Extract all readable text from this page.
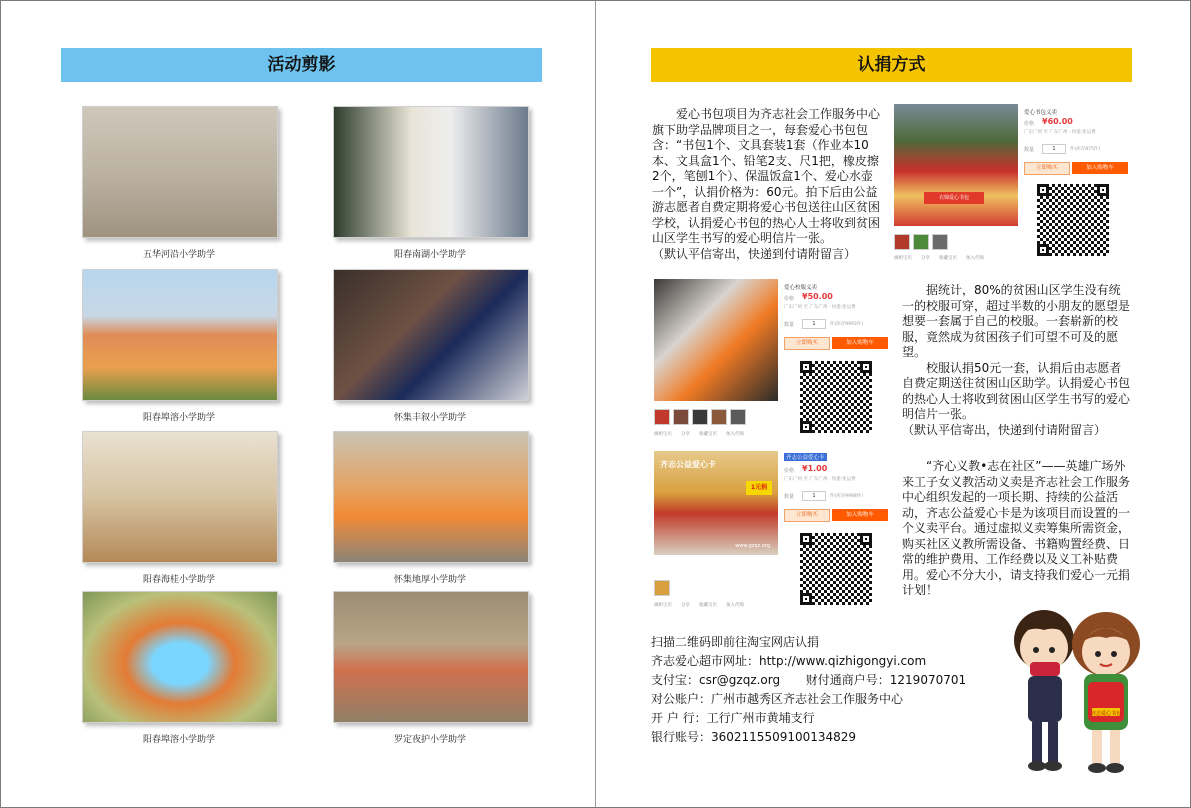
活动剪影
五华河沿小学助学	阳春南湖小学助学
阳春埠溶小学助学	怀集丰叙小学助学
阳春海桂小学助学	怀集地厚小学助学
阳春埠溶小学助学	罗定夜护小学助学
认捐方式
爱心书包项目为齐志社会工作服务中心旗下助学品牌项目之一，每套爱心书包包含：“书包1个、文具套装1套（作业本10本、文具盒1个、铅笔2支、尺1把，橡皮擦2个，笔刨1个）、保温饭盒1个、爱心水壶一个”，认捐价格为：60元。拍下后由公益游志愿者自费定期将爱心书包送往山区贫困学校，认捐爱心书包的热心人士将收到贫困山区学生书写的爱心明信片一张。
（默认平信寄出，快递到付请附留言）
衣锦爱心书包
爱心书包义卖
价格 ¥60.00
广东广州 至 广东广州 · 快递:免运费
数量	1	件(库存875件)
立即购买	加入购物车
旗帜宝贝 分享 收藏宝贝 加入代购
爱心校服义卖
价格 ¥50.00
广东广州 至 广东广州 · 快递:免运费
数量	1	件(库存9993件)
立即购买	加入购物车
旗帜宝贝 分享 收藏宝贝 加入代购
据统计，80%的贫困山区学生没有统一的校服可穿，超过半数的小朋友的愿望是想要一套属于自己的校服。一套崭新的校服，竟然成为贫困孩子们可望不可及的愿望。
校服认捐50元一套，认捐后由志愿者自费定期送往贫困山区助学。认捐爱心书包的热心人士将收到贫困山区学生书写的爱心明信片一张。
（默认平信寄出，快递到付请附留言）
齐志公益爱心卡
1元捐
www.gzqz.org
齐志公益爱心卡
价格 ¥1.00
广东广州 至 广东广州 · 快递:免运费
数量	1	件(库存9998件)
立即购买	加入购物车
旗帜宝贝 分享 收藏宝贝 加入代购
“齐心义教•志在社区”——英雄广场外来工子女义教活动义卖是齐志社会工作服务中心组织发起的一项长期、持续的公益活动，齐志公益爱心卡是为该项目而设置的一个义卖平台。通过虚拟义卖筹集所需资金，购买社区义教所需设备、书籍购置经费、日常的维护费用、工作经费以及义工补贴费用。爱心不分大小，请支持我们爱心一元捐计划！
扫描二维码即前往淘宝网店认捐
齐志爱心超市网址：http://www.qizhigongyi.com
支付宝：csr@gzqz.org 财付通商户号：1219070701
对公账户：广州市越秀区齐志社会工作服务中心
开 户 行：工行广州市黄埔支行
银行账号：3602115509100134829
齐志爱心书包
